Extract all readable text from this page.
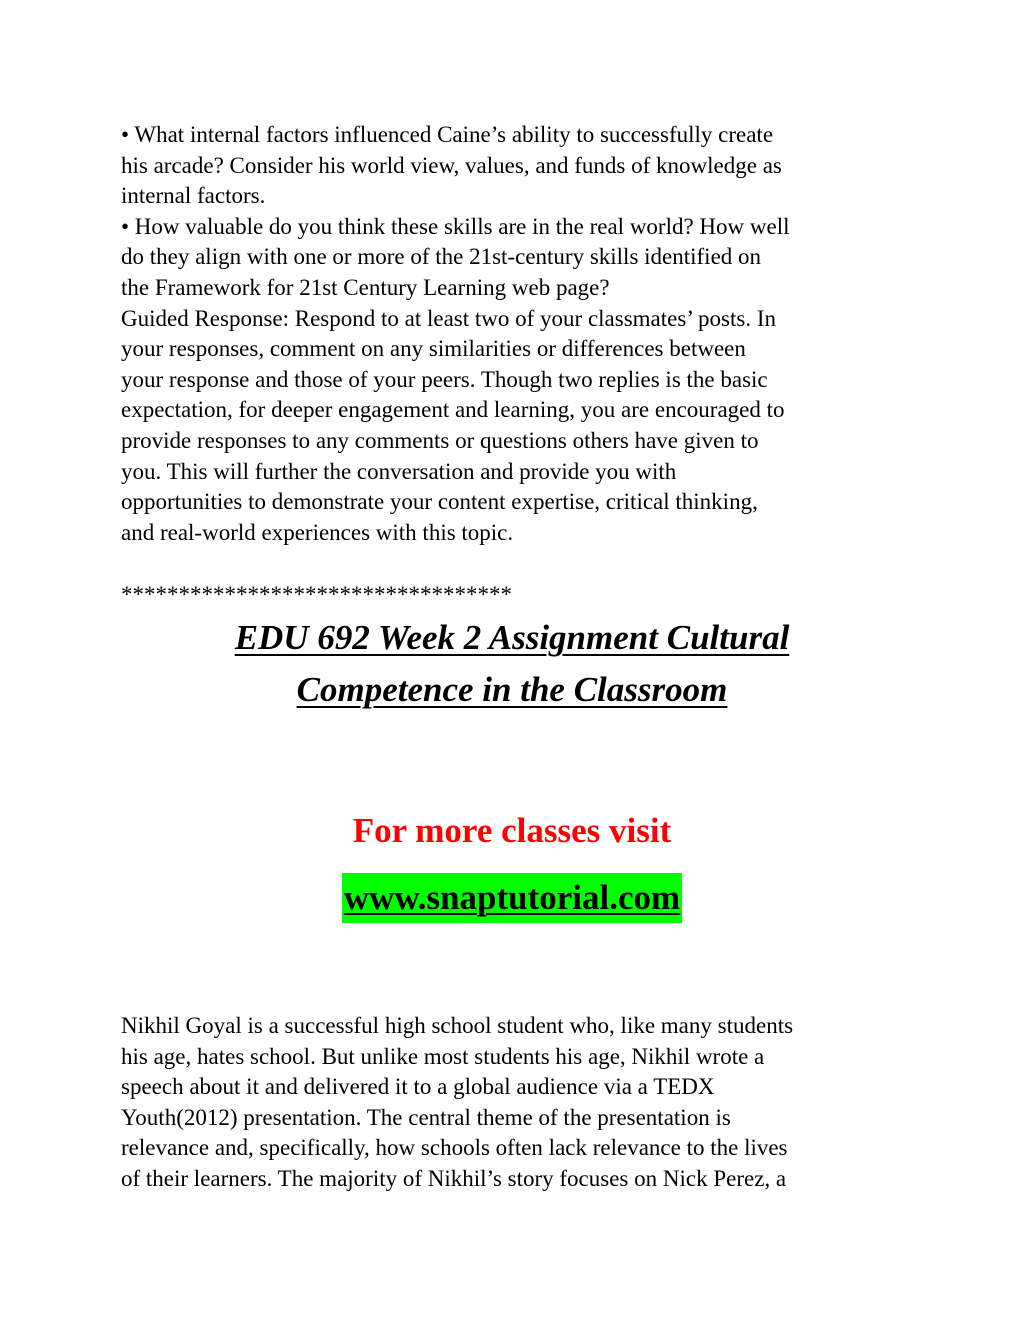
• What internal factors influenced Caine’s ability to successfully create
his arcade? Consider his world view, values, and funds of knowledge as
internal factors.
• How valuable do you think these skills are in the real world? How well
do they align with one or more of the 21st-century skills identified on
the Framework for 21st Century Learning web page?
Guided Response: Respond to at least two of your classmates’ posts. In
your responses, comment on any similarities or differences between
your response and those of your peers. Though two replies is the basic
expectation, for deeper engagement and learning, you are encouraged to
provide responses to any comments or questions others have given to
you. This will further the conversation and provide you with
opportunities to demonstrate your content expertise, critical thinking,
and real-world experiences with this topic.
**********************************
EDU 692 Week 2 Assignment Cultural
Competence in the Classroom
For more classes visit
www.snaptutorial.com
Nikhil Goyal is a successful high school student who, like many students
his age, hates school. But unlike most students his age, Nikhil wrote a
speech about it and delivered it to a global audience via a TEDX
Youth(2012) presentation. The central theme of the presentation is
relevance and, specifically, how schools often lack relevance to the lives
of their learners. The majority of Nikhil’s story focuses on Nick Perez, a
